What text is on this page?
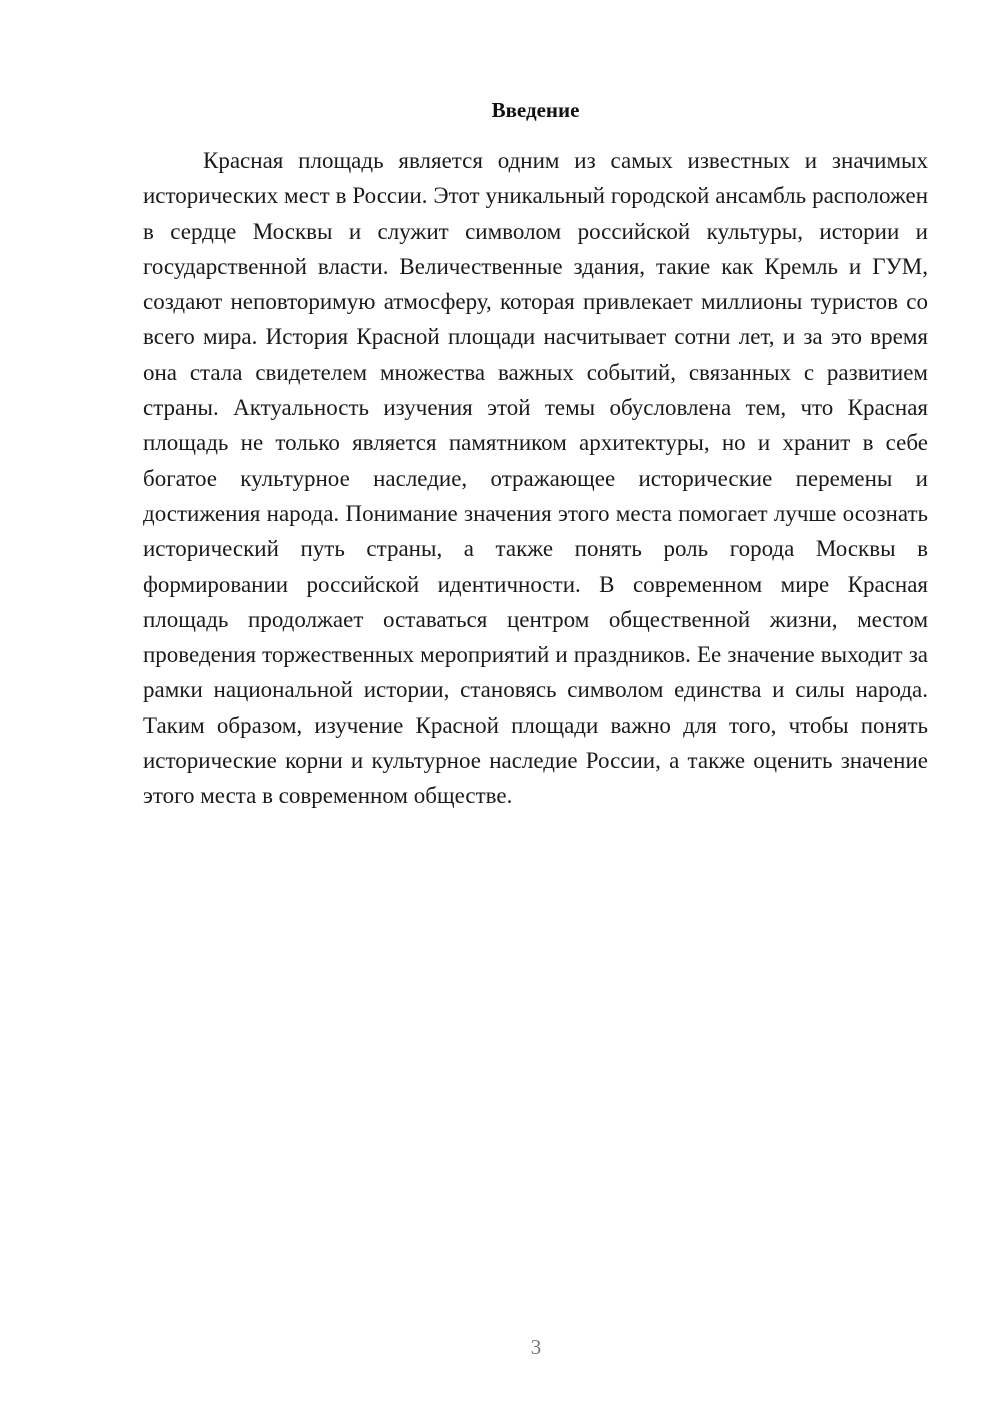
Введение

Красная площадь является одним из самых известных и значимых исторических мест в России. Этот уникальный городской ансамбль расположен в сердце Москвы и служит символом российской культуры, истории и государственной власти. Величественные здания, такие как Кремль и ГУМ, создают неповторимую атмосферу, которая привлекает миллионы туристов со всего мира. История Красной площади насчитывает сотни лет, и за это время она стала свидетелем множества важных событий, связанных с развитием страны. Актуальность изучения этой темы обусловлена тем, что Красная площадь не только является памятником архитектуры, но и хранит в себе богатое культурное наследие, отражающее исторические перемены и достижения народа. Понимание значения этого места помогает лучше осознать исторический путь страны, а также понять роль города Москвы в формировании российской идентичности. В современном мире Красная площадь продолжает оставаться центром общественной жизни, местом проведения торжественных мероприятий и праздников. Ее значение выходит за рамки национальной истории, становясь символом единства и силы народа. Таким образом, изучение Красной площади важно для того, чтобы понять исторические корни и культурное наследие России, а также оценить значение этого места в современном обществе.

3
